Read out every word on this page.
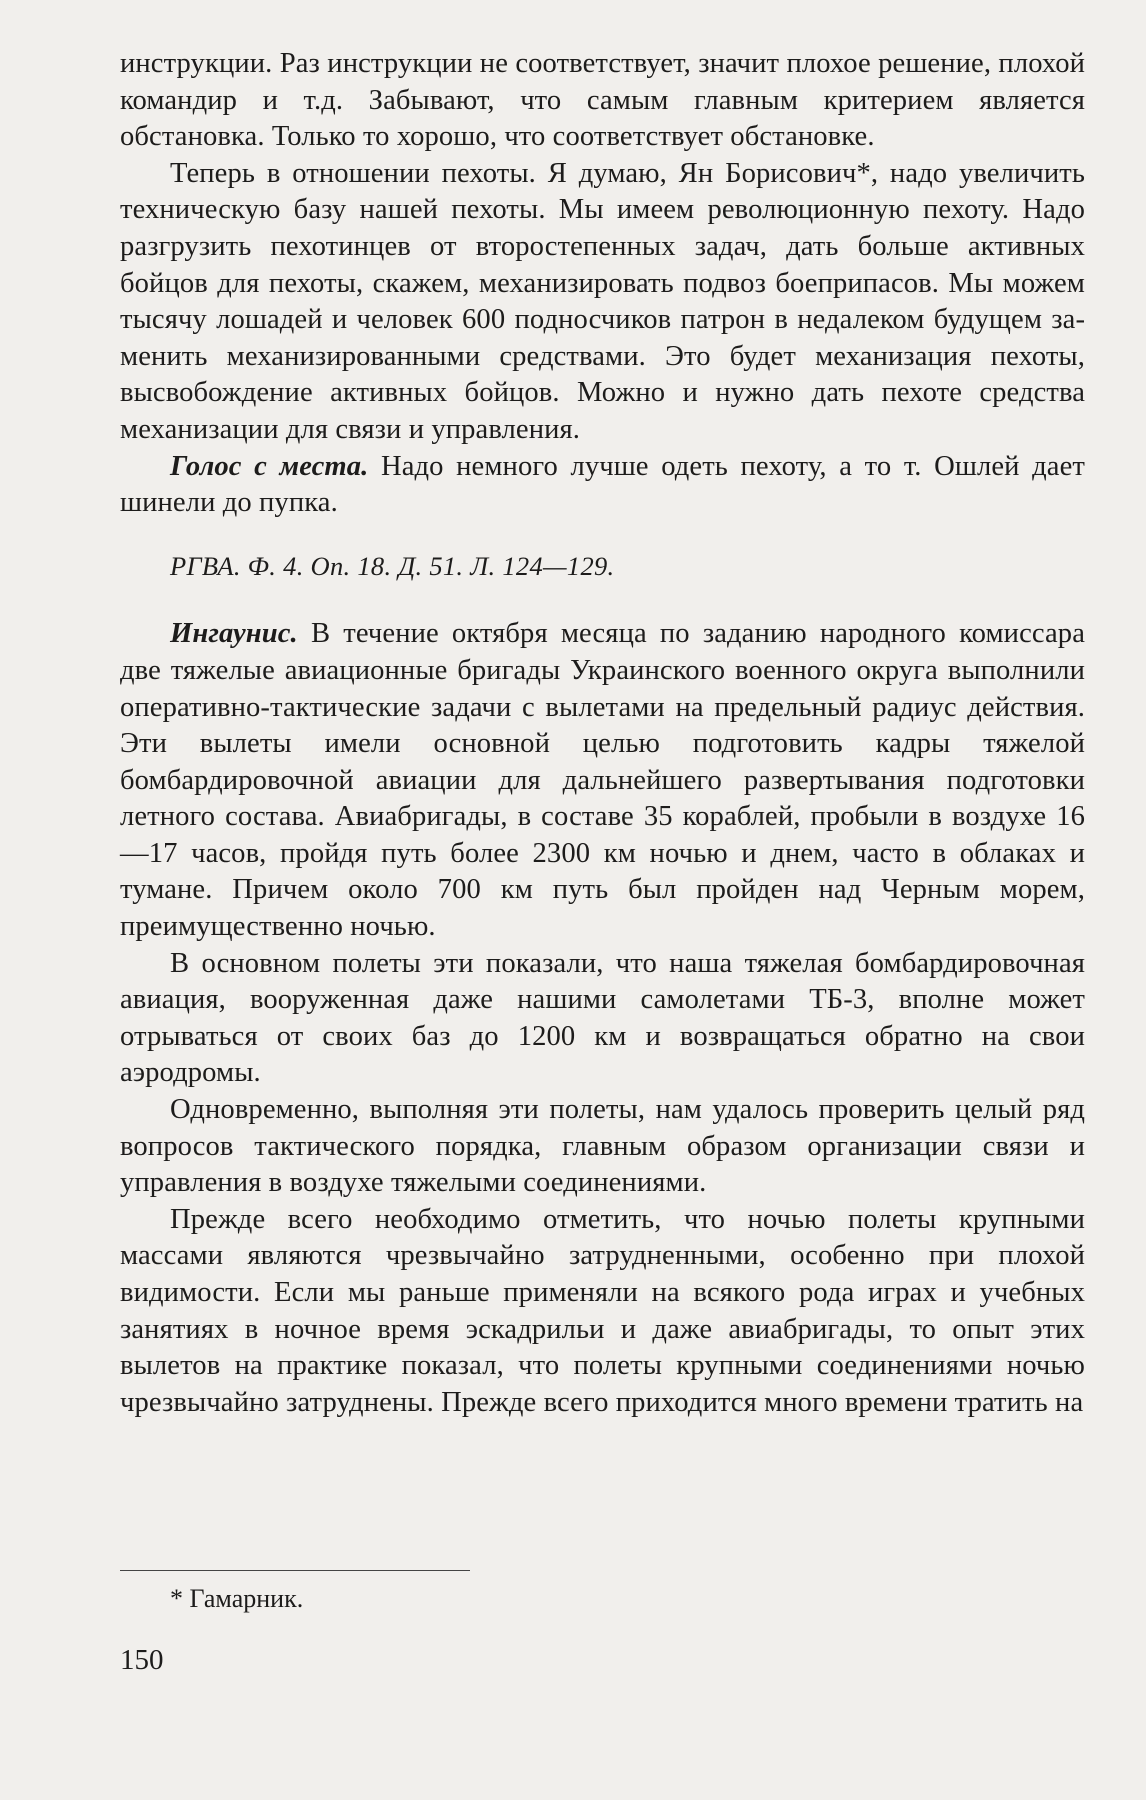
инструкции. Раз инструкции не соответствует, значит плохое решение, плохой командир и т.д. Забывают, что самым главным критерием является обстановка. Только то хорошо, что соответствует обстановке.

Теперь в отношении пехоты. Я думаю, Ян Борисович*, надо увеличить техническую базу нашей пехоты. Мы имеем революционную пехоту. Надо разгрузить пехотинцев от второстепенных задач, дать больше активных бойцов для пехоты, скажем, механизировать подвоз боеприпасов. Мы можем тысячу лошадей и человек 600 подносчиков патрон в недалеком будущем заменить механизированными средствами. Это будет механизация пехоты, высвобождение активных бойцов. Можно и нужно дать пехоте средства механизации для связи и управления.

Голос с места. Надо немного лучше одеть пехоту, а то т. Ошлей дает шинели до пупка.

РГВА. Ф. 4. Оп. 18. Д. 51. Л. 124—129.

Ингаунис. В течение октября месяца по заданию народного комиссара две тяжелые авиационные бригады Украинского военного округа выполнили оперативно-тактические задачи с вылетами на предельный радиус действия. Эти вылеты имели основной целью подготовить кадры тяжелой бомбардировочной авиации для дальнейшего развертывания подготовки летного состава. Авиабригады, в составе 35 кораблей, пробыли в воздухе 16—17 часов, пройдя путь более 2300 км ночью и днем, часто в облаках и тумане. Причем около 700 км путь был пройден над Черным морем, преимущественно ночью.

В основном полеты эти показали, что наша тяжелая бомбардировочная авиация, вооруженная даже нашими самолетами ТБ-3, вполне может отрываться от своих баз до 1200 км и возвращаться обратно на свои аэродромы.

Одновременно, выполняя эти полеты, нам удалось проверить целый ряд вопросов тактического порядка, главным образом организации связи и управления в воздухе тяжелыми соединениями.

Прежде всего необходимо отметить, что ночью полеты крупными массами являются чрезвычайно затрудненными, особенно при плохой видимости. Если мы раньше применяли на всякого рода играх и учебных занятиях в ночное время эскадрильи и даже авиабригады, то опыт этих вылетов на практике показал, что полеты крупными соединениями ночью чрезвычайно затруднены. Прежде всего приходится много времени тратить на

* Гамарник.
150
